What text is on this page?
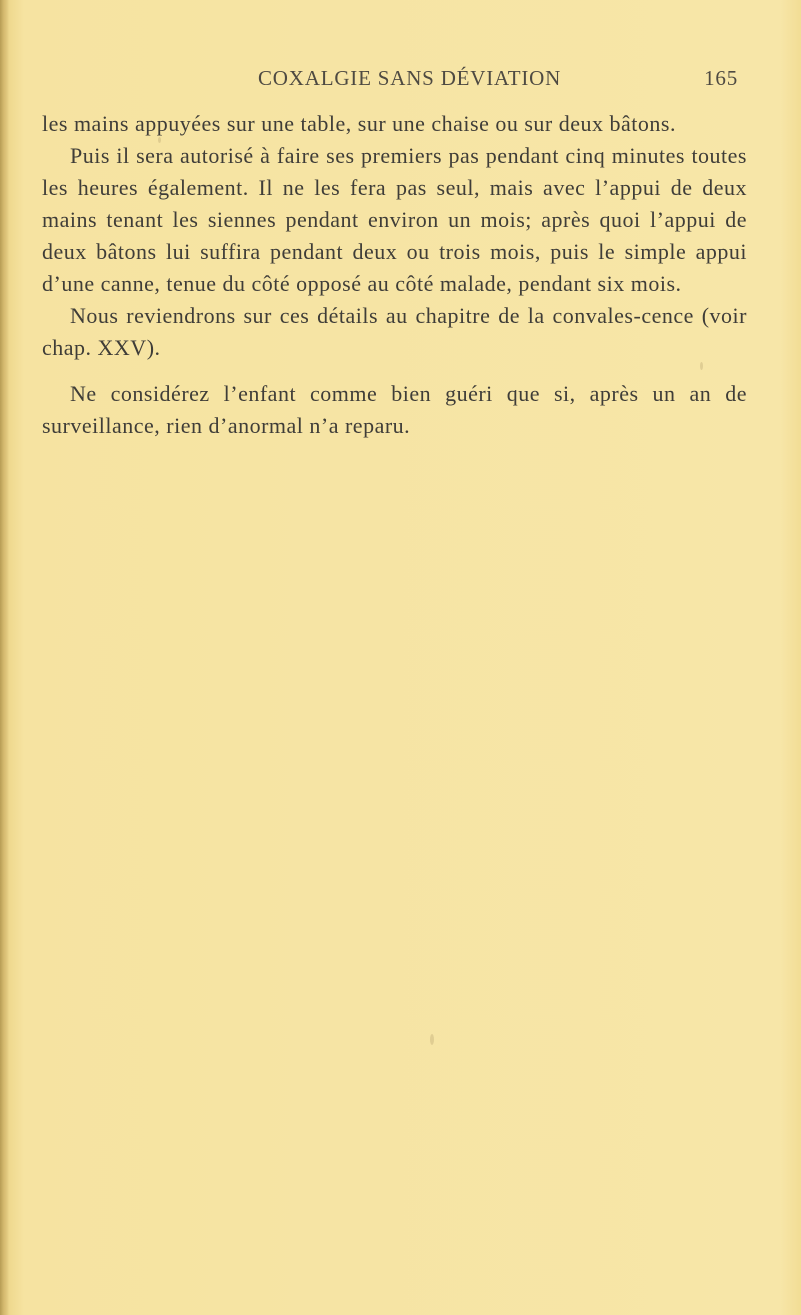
COXALGIE SANS DÉVIATION	165

les mains appuyées sur une table, sur une chaise ou sur deux bâtons.

Puis il sera autorisé à faire ses premiers pas pendant cinq minutes toutes les heures également. Il ne les fera pas seul, mais avec l’appui de deux mains tenant les siennes pendant environ un mois; après quoi l’appui de deux bâtons lui suffira pendant deux ou trois mois, puis le simple appui d’une canne, tenue du côté opposé au côté malade, pendant six mois.

Nous reviendrons sur ces détails au chapitre de la convales-cence (voir chap. XXV).

Ne considérez l’enfant comme bien guéri que si, après un an de surveillance, rien d’anormal n’a reparu.
